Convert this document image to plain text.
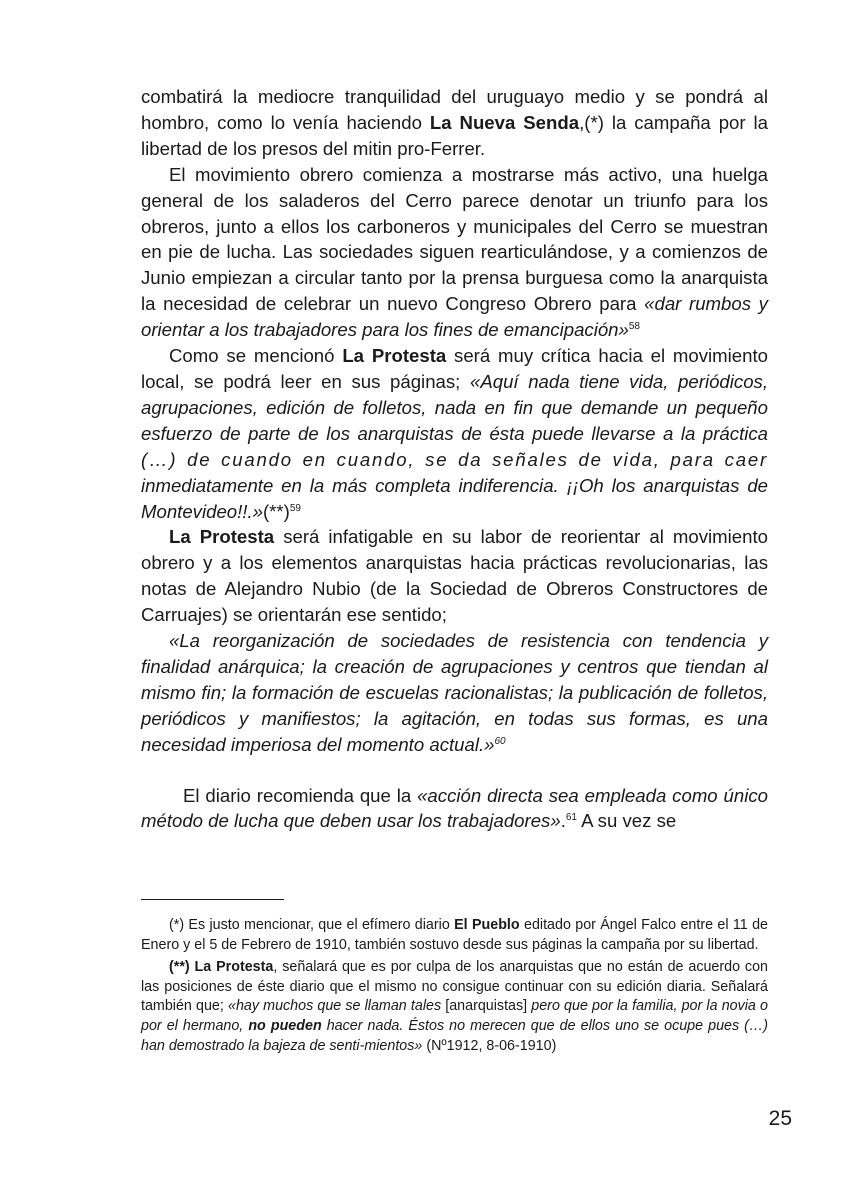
combatirá la mediocre tranquilidad del uruguayo medio y se pondrá al hombro, como lo venía haciendo La Nueva Senda,(*) la campaña por la libertad de los presos del mitin pro-Ferrer.

El movimiento obrero comienza a mostrarse más activo, una huelga general de los saladeros del Cerro parece denotar un triunfo para los obreros, junto a ellos los carboneros y municipales del Cerro se muestran en pie de lucha. Las sociedades siguen rearticulándose, y a comienzos de Junio empiezan a circular tanto por la prensa burguesa como la anarquista la necesidad de celebrar un nuevo Congreso Obrero para «dar rumbos y orientar a los trabajadores para los fines de emancipación»$^{58}$

Como se mencionó La Protesta será muy crítica hacia el movimiento local, se podrá leer en sus páginas; «Aquí nada tiene vida, periódicos, agrupaciones, edición de folletos, nada en fin que demande un pequeño esfuerzo de parte de los anarquistas de ésta puede llevarse a la práctica (…) de cuando en cuando, se da señales de vida, para caer inmediatamente en la más completa indiferencia. ¡¡Oh los anarquistas de $Montevideo!!.»(**)^{59}$

La Protesta será infatigable en su labor de reorientar al movimiento obrero y a los elementos anarquistas hacia prácticas revolucionarias, las notas de Alejandro Nubio (de la Sociedad de Obreros Constructores de Carruajes) se orientarán ese sentido;

«La reorganización de sociedades de resistencia con tendencia y finalidad anárquica; la creación de agrupaciones y centros que tiendan al mismo fin; la formación de escuelas racionalistas; la publicación de folletos, periódicos y manifiestos; la agitación, en todas sus formas, es una necesidad imperiosa del momento actual.»$^{60}$

El diario recomienda que la «acción directa sea empleada como único método de lucha que deben usar los trabajadores».$^{61}$ A su vez se

(*) Es justo mencionar, que el efímero diario El Pueblo editado por Ángel Falco entre el 11 de Enero y el 5 de Febrero de 1910, también sostuvo desde sus páginas la campaña por su libertad.

(**) La Protesta, señalará que es por culpa de los anarquistas que no están de acuerdo con las posiciones de éste diario que el mismo no consigue continuar con su edición diaria. Señalará también que; «hay muchos que se llaman tales [anarquistas] pero que por la familia, por la novia o por el hermano, no pueden hacer nada. Éstos no merecen que de ellos uno se ocupe pues (…) han demostrado la bajeza de senti-mientos» (Nº1912, 8-06-1910)

25
